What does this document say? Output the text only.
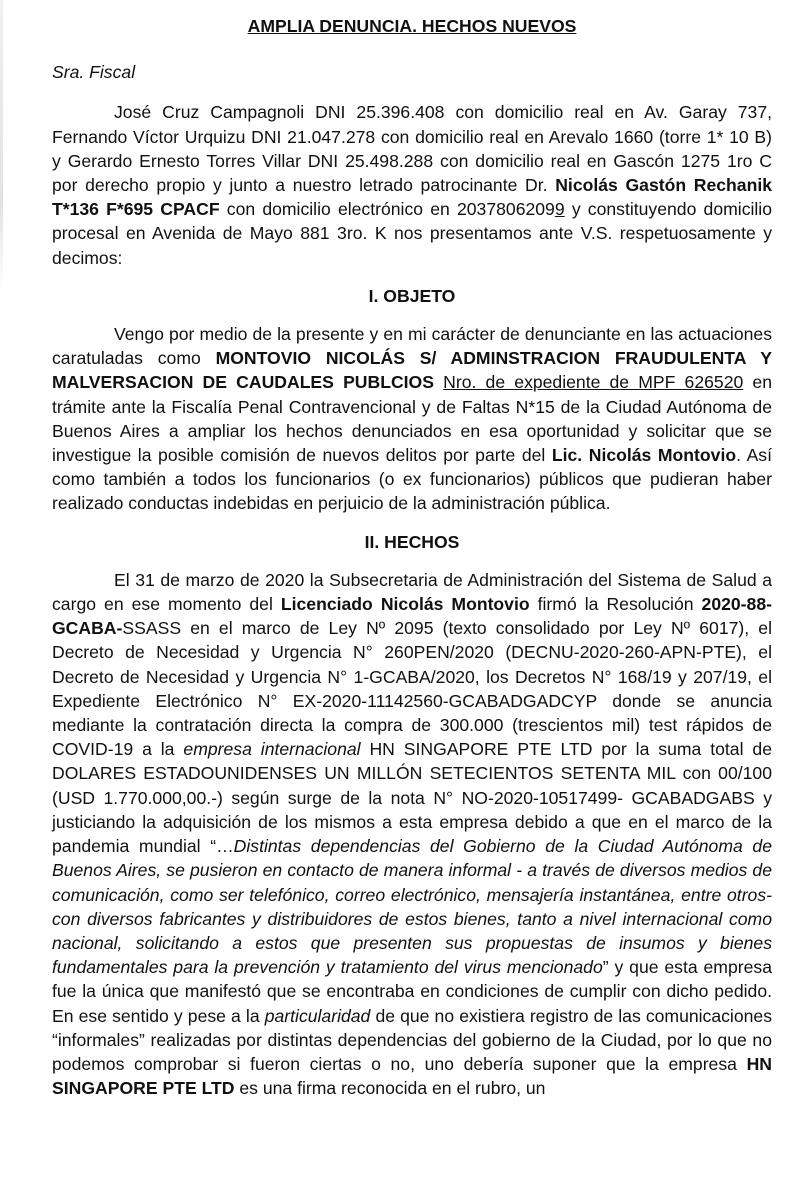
AMPLIA DENUNCIA. HECHOS NUEVOS

Sra. Fiscal

José Cruz Campagnoli DNI 25.396.408 con domicilio real en Av. Garay 737, Fernando Víctor Urquizu DNI 21.047.278 con domicilio real en Arevalo 1660 (torre 1* 10 B) y Gerardo Ernesto Torres Villar DNI 25.498.288 con domicilio real en Gascón 1275 1ro C por derecho propio y junto a nuestro letrado patrocinante Dr. Nicolás Gastón Rechanik T*136 F*695 CPACF con domicilio electrónico en 20378062099 y constituyendo domicilio procesal en Avenida de Mayo 881 3ro. K nos presentamos ante V.S. respetuosamente y decimos:

I. OBJETO

Vengo por medio de la presente y en mi carácter de denunciante en las actuaciones caratuladas como MONTOVIO NICOLÁS S/ ADMINSTRACION FRAUDULENTA Y MALVERSACION DE CAUDALES PUBLCIOS Nro. de expediente de MPF 626520 en trámite ante la Fiscalía Penal Contravencional y de Faltas N*15 de la Ciudad Autónoma de Buenos Aires a ampliar los hechos denunciados en esa oportunidad y solicitar que se investigue la posible comisión de nuevos delitos por parte del Lic. Nicolás Montovio. Así como también a todos los funcionarios (o ex funcionarios) públicos que pudieran haber realizado conductas indebidas en perjuicio de la administración pública.

II. HECHOS

El 31 de marzo de 2020 la Subsecretaria de Administración del Sistema de Salud a cargo en ese momento del Licenciado Nicolás Montovio firmó la Resolución 2020-88-GCABA-SSASS en el marco de Ley Nº 2095 (texto consolidado por Ley Nº 6017), el Decreto de Necesidad y Urgencia N° 260PEN/2020 (DECNU-2020-260-APN-PTE), el Decreto de Necesidad y Urgencia N° 1-GCABA/2020, los Decretos N° 168/19 y 207/19, el Expediente Electrónico N° EX-2020-11142560-GCABADGADCYP donde se anuncia mediante la contratación directa la compra de 300.000 (trescientos mil) test rápidos de COVID-19 a la empresa internacional HN SINGAPORE PTE LTD por la suma total de DOLARES ESTADOUNIDENSES UN MILLÓN SETECIENTOS SETENTA MIL con 00/100 (USD 1.770.000,00.-) según surge de la nota N° NO-2020-10517499- GCABADGABS y justiciando la adquisición de los mismos a esta empresa debido a que en el marco de la pandemia mundial “…Distintas dependencias del Gobierno de la Ciudad Autónoma de Buenos Aires, se pusieron en contacto de manera informal - a través de diversos medios de comunicación, como ser telefónico, correo electrónico, mensajería instantánea, entre otros- con diversos fabricantes y distribuidores de estos bienes, tanto a nivel internacional como nacional, solicitando a estos que presenten sus propuestas de insumos y bienes fundamentales para la prevención y tratamiento del virus mencionado” y que esta empresa fue la única que manifestó que se encontraba en condiciones de cumplir con dicho pedido. En ese sentido y pese a la particularidad de que no existiera registro de las comunicaciones “informales” realizadas por distintas dependencias del gobierno de la Ciudad, por lo que no podemos comprobar si fueron ciertas o no, uno debería suponer que la empresa HN SINGAPORE PTE LTD es una firma reconocida en el rubro, un
